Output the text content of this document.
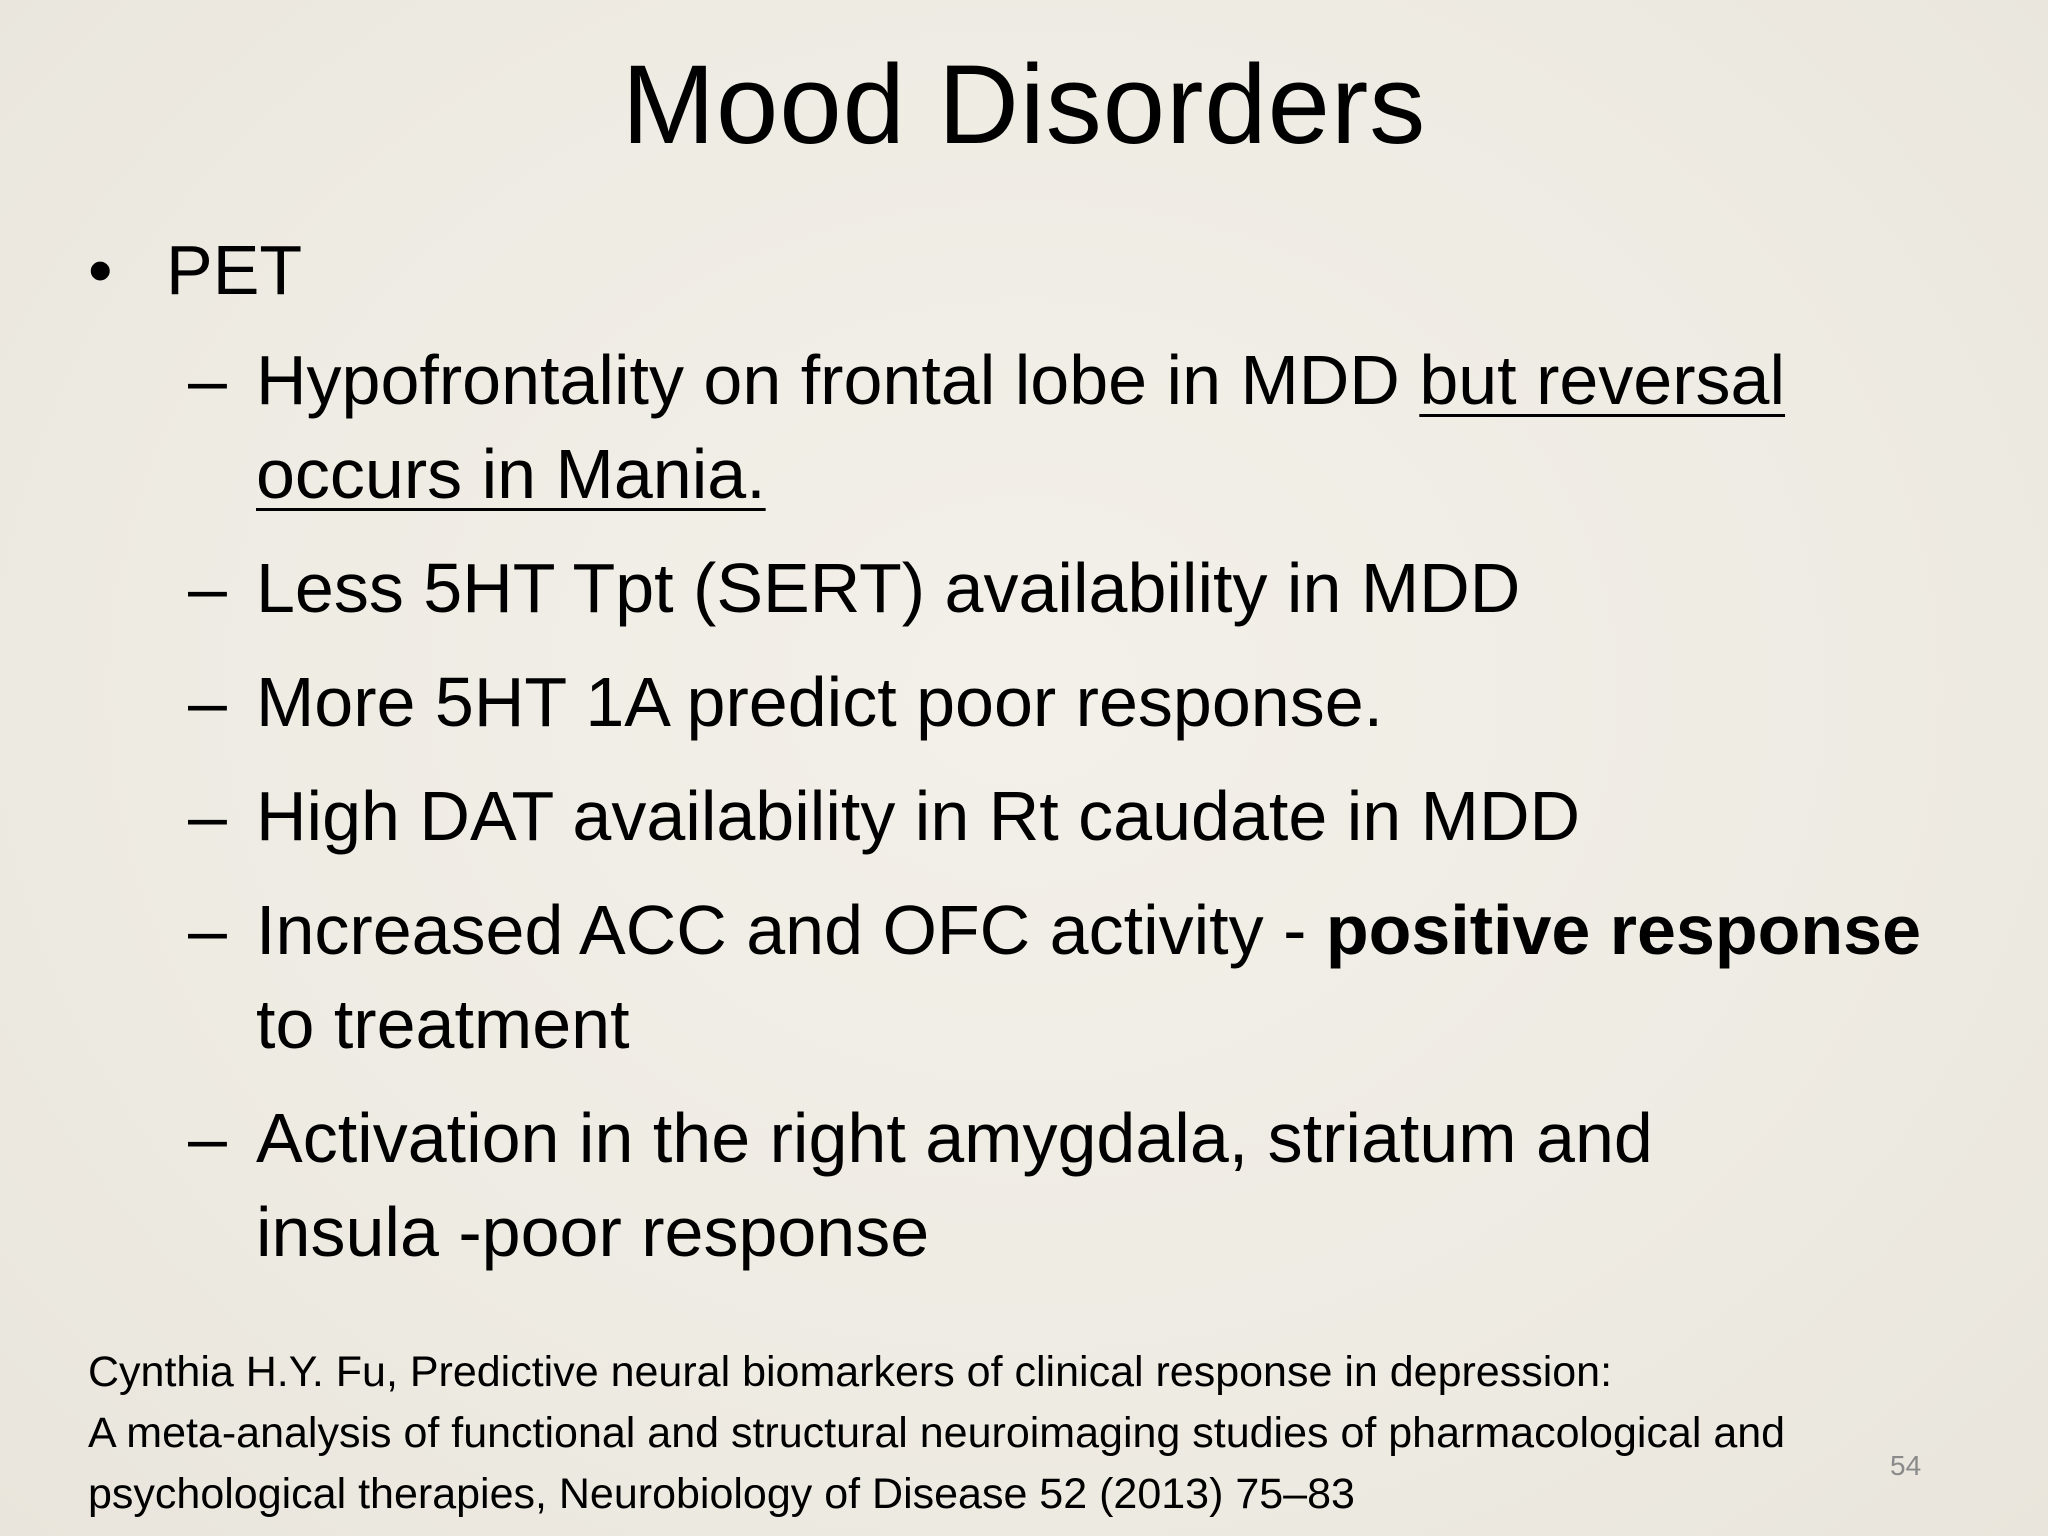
Mood Disorders
• PET
– Hypofrontality on frontal lobe in MDD but reversal
occurs in Mania.
– Less 5HT Tpt (SERT) availability in MDD
– More 5HT 1A predict poor response.
– High DAT availability in Rt caudate in MDD
– Increased ACC and OFC activity - positive response
to treatment
– Activation in the right amygdala, striatum and
insula -poor response
Cynthia H.Y. Fu, Predictive neural biomarkers of clinical response in depression:
A meta-analysis of functional and structural neuroimaging studies of pharmacological and
psychological therapies, Neurobiology of Disease 52 (2013) 75–83
54
